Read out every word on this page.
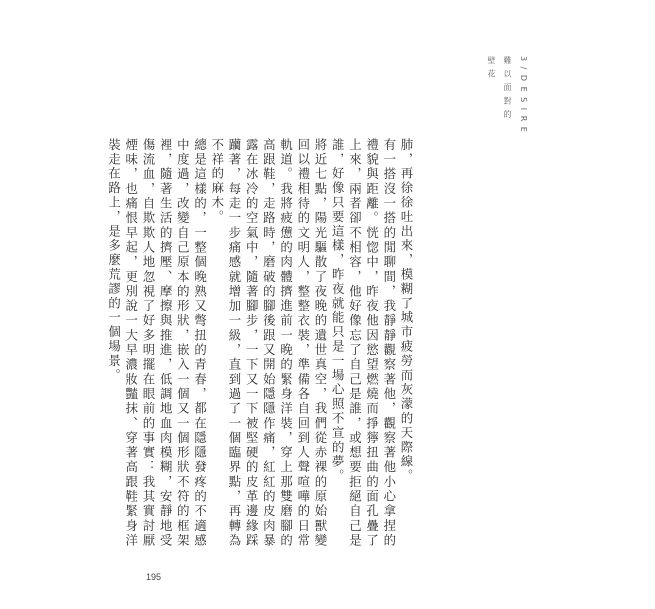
3 / D E S I R E
難 以 面 對 的
壁 花

肺，再徐徐吐出來，模糊了城市疲勞而灰濛的天際線。

有一搭沒一搭的閒聊間，我靜靜觀察著他，觀察著他小心拿捏的禮貌與距離。恍惚中，昨夜他因慾望燃燒而掙獰扭曲的面孔疊了上來，兩者卻不相容，他好像忘了自己是誰，或想要拒絕自己是誰，好像只要這樣，昨夜就能只是一場心照不宣的夢。

將近七點，陽光驅散了夜晚的遺世真空，我們從赤裸的原始獸變回以禮相待的文明人，整整衣裝，準備各自回到人聲喧嘩的日常軌道。我將疲憊的肉體擠進前一晚的緊身洋裝，穿上那雙磨腳的高跟鞋，走路時，磨破的腳後跟又開始隱隱作痛，紅紅的皮肉暴露在冰冷的空氣中，隨著腳步，一下又一下被堅硬的皮革邊緣踩躪著，每走一步痛感就增加一級，直到過了一個臨界點，再轉為不祥的麻木。

總是這樣的，一整個晚熟又彆扭的青春，都在隱隱發疼的不適感中度過，改變自己原本的形狀，嵌入一個又一個形狀不符的框架裡，隨著生活的擠壓、摩擦與推進，低調地血肉模糊，安靜地受傷流血，自欺欺人地忽視了好多明擺在眼前的事實：我其實討厭煙味，也痛恨早起，更別說一大早濃妝豔抹、穿著高跟鞋緊身洋裝走在路上，是多麼荒謬的一個場景。

195
